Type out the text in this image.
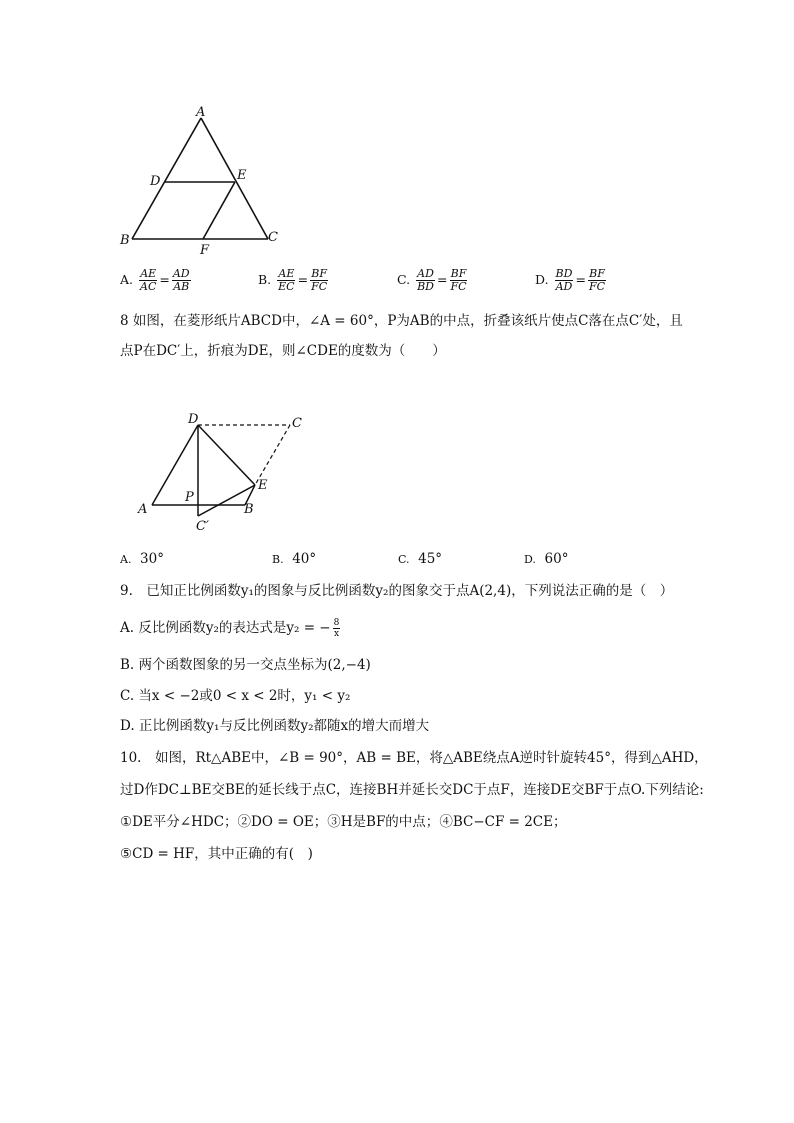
A
D	E
B	C
F
A. $\frac{AE}{AC} = \frac{AD}{AB}$	B. $\frac{AE}{EC} = \frac{BF}{FC}$	C. $\frac{AD}{BD} = \frac{BF}{FC}$	D. $\frac{BD}{AD} = \frac{BF}{FC}$
8 如图，在菱形纸片ABCD中，∠A = 60°，P为AB的中点，折叠该纸片使点C落在点C′处，且
点P在DC′上，折痕为DE，则∠CDE的度数为（　　）
D	C
E
P
A	B
C′
A. 30°	B. 40°	C. 45°	D. 60°
9.　已知正比例函数y₁的图象与反比例函数y₂的图象交于点A(2,4)，下列说法正确的是（　）
A. 反比例函数y₂的表达式是y₂ = − $\frac{8}{x}$
B. 两个函数图象的另一交点坐标为(2,−4)
C. 当x < −2或0 < x < 2时，y₁ < y₂
D. 正比例函数y₁与反比例函数y₂都随x的增大而增大
10.　如图，Rt△ABE中，∠B = 90°，AB = BE，将△ABE绕点A逆时针旋转45°，得到△AHD，
过D作DC⊥BE交BE的延长线于点C，连接BH并延长交DC于点F，连接DE交BF于点O.下列结论:
①DE平分∠HDC；②DO = OE；③H是BF的中点；④BC−CF = 2CE；
⑤CD = HF，其中正确的有(　)
